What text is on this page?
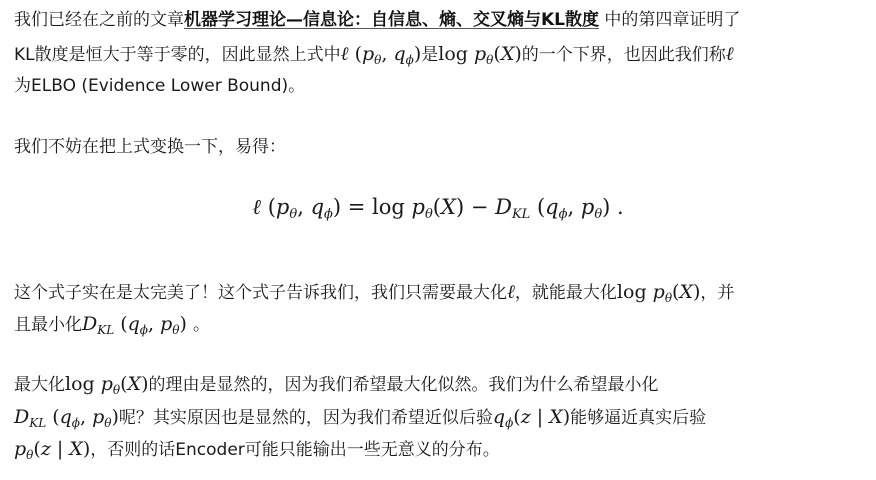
我们已经在之前的文章机器学习理论—信息论：自信息、熵、交叉熵与KL散度 中的第四章证明了
KL散度是恒大于等于零的，因此显然上式中ℓ ($p_\theta$, $q_\phi$)是$\log p_\theta(X)$的一个下界，也因此我们称ℓ
为ELBO (Evidence Lower Bound)。
我们不妨在把上式变换一下，易得：
ℓ ($p_\theta$, $q_\phi) = \log p_\theta(X) - D_{KL}$ ($q_\phi$, $p_\theta$) .
这个式子实在是太完美了！这个式子告诉我们，我们只需要最大化ℓ，就能最大化$\log p_\theta(X)$，并
且最小化$D_{KL}$ ($q_\phi$, $p_\theta$) 。
最大化$\log p_\theta(X)$的理由是显然的，因为我们希望最大化似然。我们为什么希望最小化
$D_{KL}$ ($q_\phi$, $p_\theta$)呢？其实原因也是显然的，因为我们希望近似后验$q_\phi(z$ | X)能够逼近真实后验
$p_\theta(z$ | X)，否则的话Encoder可能只能输出一些无意义的分布。
